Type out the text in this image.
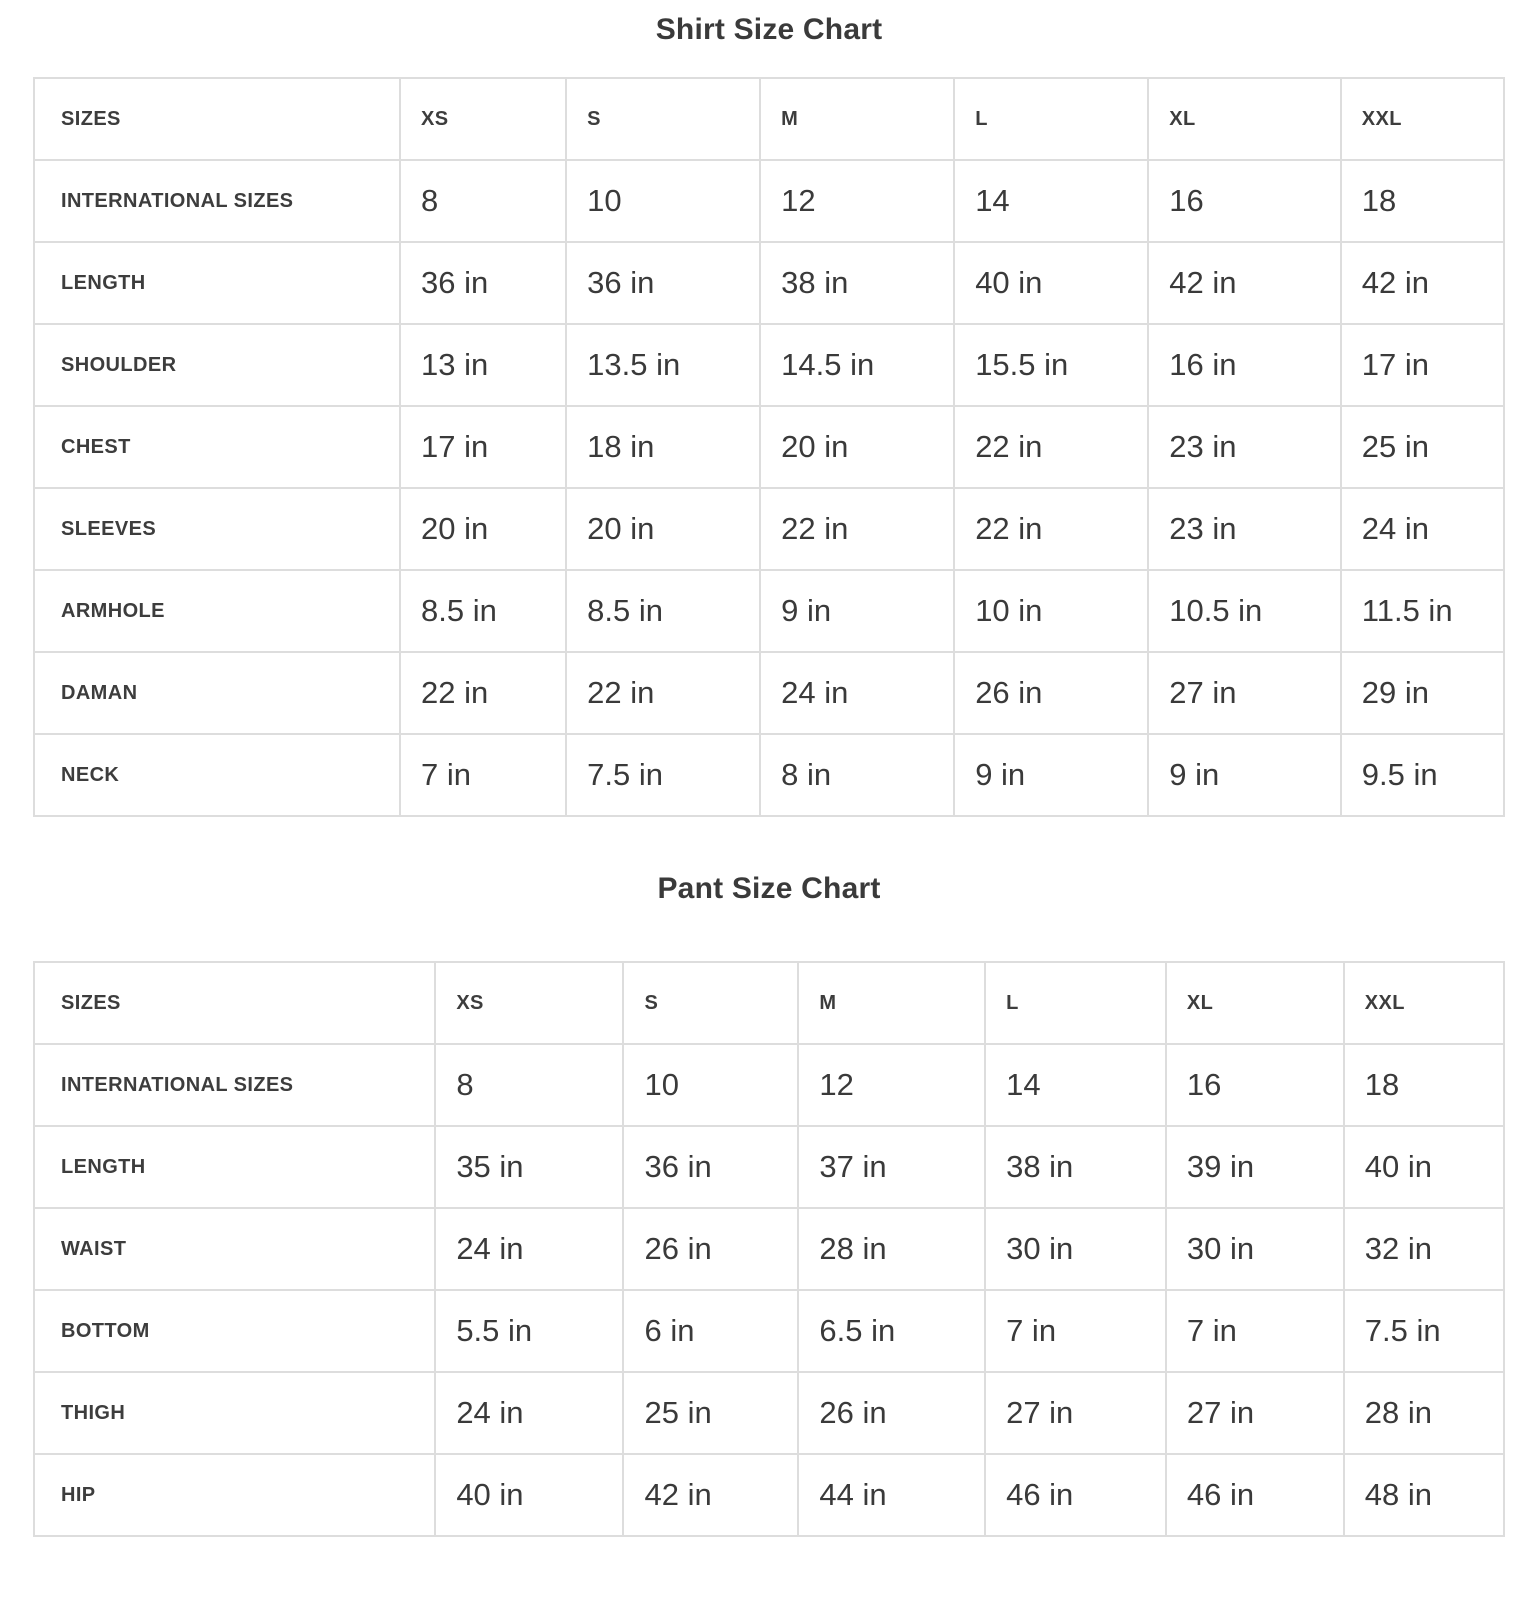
Shirt Size Chart
SIZES	XS	S	M	L	XL	XXL
INTERNATIONAL SIZES	8	10	12	14	16	18
LENGTH	36 in	36 in	38 in	40 in	42 in	42 in
SHOULDER	13 in	13.5 in	14.5 in	15.5 in	16 in	17 in
CHEST	17 in	18 in	20 in	22 in	23 in	25 in
SLEEVES	20 in	20 in	22 in	22 in	23 in	24 in
ARMHOLE	8.5 in	8.5 in	9 in	10 in	10.5 in	11.5 in
DAMAN	22 in	22 in	24 in	26 in	27 in	29 in
NECK	7 in	7.5 in	8 in	9 in	9 in	9.5 in
Pant Size Chart
SIZES	XS	S	M	L	XL	XXL
INTERNATIONAL SIZES	8	10	12	14	16	18
LENGTH	35 in	36 in	37 in	38 in	39 in	40 in
WAIST	24 in	26 in	28 in	30 in	30 in	32 in
BOTTOM	5.5 in	6 in	6.5 in	7 in	7 in	7.5 in
THIGH	24 in	25 in	26 in	27 in	27 in	28 in
HIP	40 in	42 in	44 in	46 in	46 in	48 in
